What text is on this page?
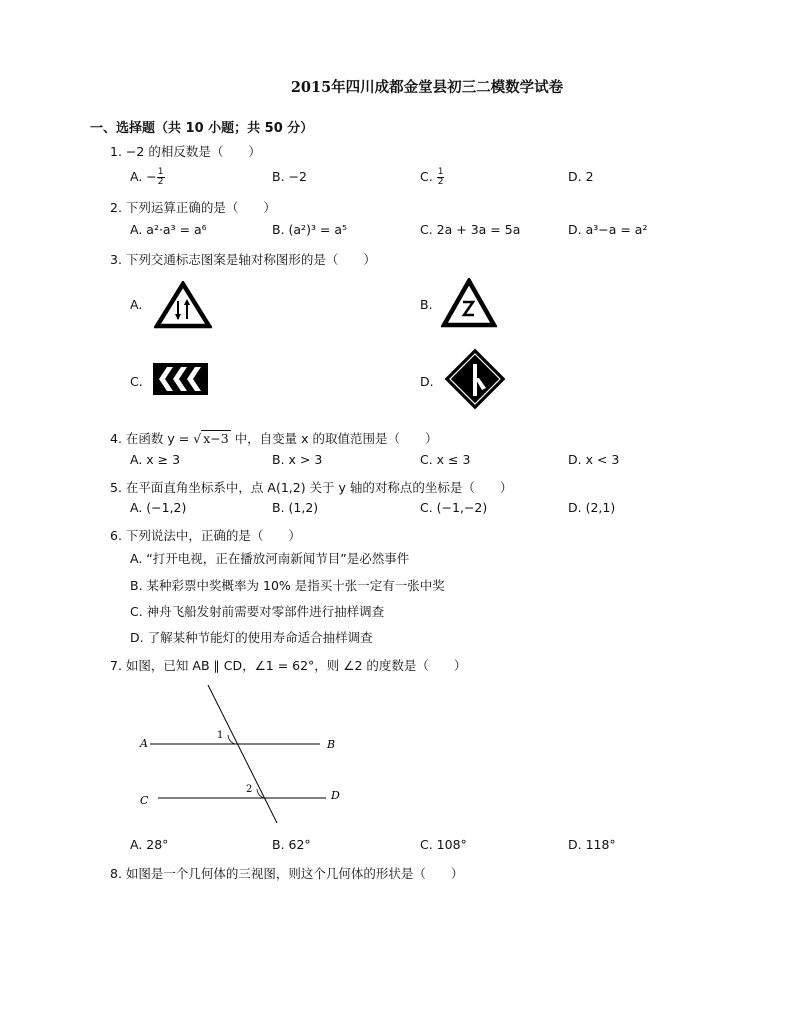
2015年四川成都金堂县初三二模数学试卷
一、选择题（共 10 小题；共 50 分）
1. −2 的相反数是（　　）
A. − $\frac{1}{2}$	B. −2	C. $\frac{1}{2}$	D. 2
2. 下列运算正确的是（　　）
A. a²·a³ = a⁶	B. (a²)³ = a⁵	C. 2a + 3a = 5a	D. a³−a = a²
3. 下列交通标志图案是轴对称图形的是（　　）
A.	B.
C.	D.
4. 在函数 y = √ x−3 中，自变量 x 的取值范围是（　　）
A. x ≥ 3	B. x > 3	C. x ≤ 3	D. x < 3
5. 在平面直角坐标系中，点 A(1,2) 关于 y 轴的对称点的坐标是（　　）
A. (−1,2)	B. (1,2)	C. (−1,−2)	D. (2,1)
6. 下列说法中，正确的是（　　）
A. “打开电视，正在播放河南新闻节目”是必然事件
B. 某种彩票中奖概率为 10% 是指买十张一定有一张中奖
C. 神舟飞船发射前需要对零部件进行抽样调查
D. 了解某种节能灯的使用寿命适合抽样调查
7. 如图，已知 AB ∥ CD，∠1 = 62°，则 ∠2 的度数是（　　）
A	B
C	D
1
2
A. 28°	B. 62°	C. 108°	D. 118°
8. 如图是一个几何体的三视图，则这个几何体的形状是（　　）
